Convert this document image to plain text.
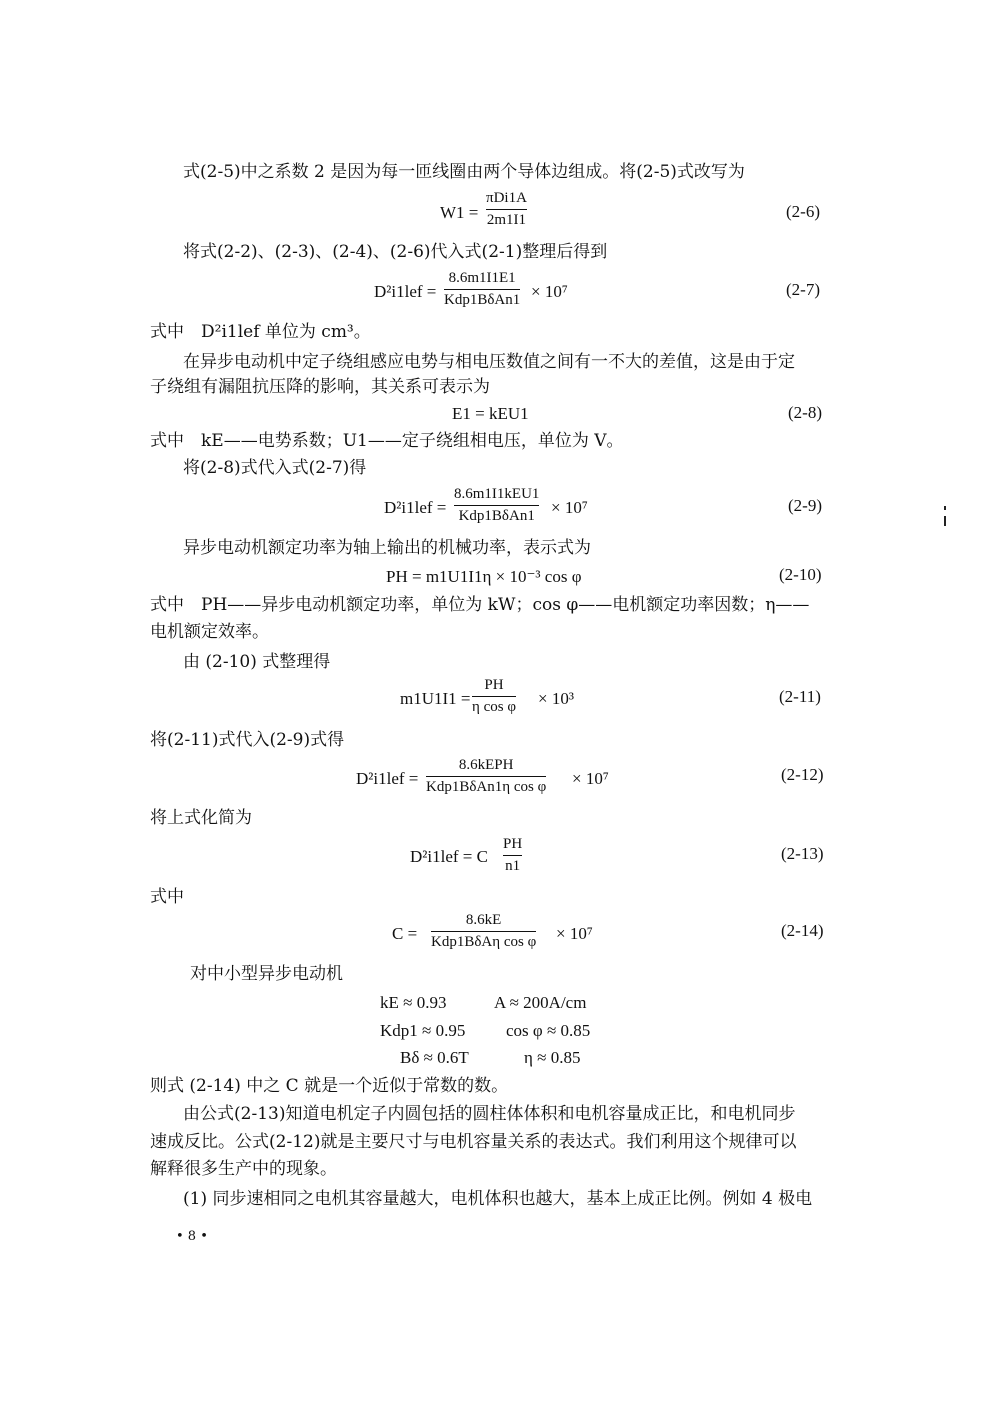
式(2-5)中之系数 2 是因为每一匝线圈由两个导体边组成。将(2-5)式改写为
W1 =
πDi1A
2m1I1	(2-6)
将式(2-2)、(2-3)、(2-4)、(2-6)代入式(2-1)整理后得到
D²i1lef =
8.6m1I1E1
Kdp1BδAn1 × 10⁷	(2-7)
式中　D²i1lef 单位为 cm³。
在异步电动机中定子绕组感应电势与相电压数值之间有一不大的差值，这是由于定
子绕组有漏阻抗压降的影响，其关系可表示为
E1 = kEU1	(2-8)
式中　kE——电势系数；U1——定子绕组相电压，单位为 V。
将(2-8)式代入式(2-7)得
D²i1lef =
8.6m1I1kEU1
Kdp1BδAn1 × 10⁷	(2-9)
异步电动机额定功率为轴上输出的机械功率，表示式为
PH = m1U1I1η × 10⁻³ cos φ	(2-10)
式中　PH——异步电动机额定功率，单位为 kW；cos φ——电机额定功率因数；η——
电机额定效率。
由 (2-10) 式整理得
m1U1I1 =
PH
η cos φ × 10³	(2-11)
将(2-11)式代入(2-9)式得
D²i1lef =
8.6kEPH
Kdp1BδAn1η cos φ × 10⁷	(2-12)
将上式化简为
D²i1lef = C
PH
n1
(2-13)
式中
C =
8.6kE
Kdp1BδAη cos φ × 10⁷	(2-14)
对中小型异步电动机
kE ≈ 0.93	A ≈ 200A/cm
Kdp1 ≈ 0.95 cos φ ≈ 0.85
Bδ ≈ 0.6T	η ≈ 0.85
则式 (2-14) 中之 C 就是一个近似于常数的数。
由公式(2-13)知道电机定子内圆包括的圆柱体体积和电机容量成正比，和电机同步
速成反比。公式(2-12)就是主要尺寸与电机容量关系的表达式。我们利用这个规律可以
解释很多生产中的现象。
(1) 同步速相同之电机其容量越大，电机体积也越大，基本上成正比例。例如 4 极电
• 8 •
